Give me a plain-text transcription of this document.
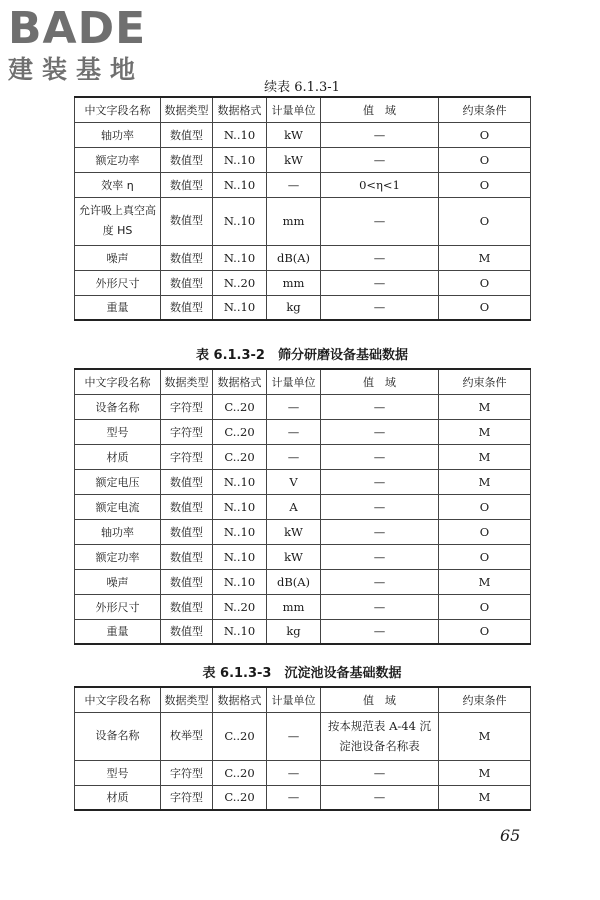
BADE
建装基地
续表 6.1.3-1
中文字段名称	数据类型	数据格式	计量单位	值　域	约束条件
轴功率	数值型	N..10	kW	—	O
额定功率	数值型	N..10	kW	—	O
效率 η	数值型	N..10	—	0<η<1	O
允许吸上真空高度 HS	数值型	N..10	mm	—	O
噪声	数值型	N..10	dB(A)	—	M
外形尺寸	数值型	N..20	mm	—	O
重量	数值型	N..10	kg	—	O
表 6.1.3-2　筛分研磨设备基础数据
中文字段名称	数据类型	数据格式	计量单位	值　域	约束条件
设备名称	字符型	C..20	—	—	M
型号	字符型	C..20	—	—	M
材质	字符型	C..20	—	—	M
额定电压	数值型	N..10	V	—	M
额定电流	数值型	N..10	A	—	O
轴功率	数值型	N..10	kW	—	O
额定功率	数值型	N..10	kW	—	O
噪声	数值型	N..10	dB(A)	—	M
外形尺寸	数值型	N..20	mm	—	O
重量	数值型	N..10	kg	—	O
表 6.1.3-3　沉淀池设备基础数据
中文字段名称	数据类型	数据格式	计量单位	值　域	约束条件
设备名称	枚举型	C..20	—	按本规范表 A-44 沉淀池设备名称表	M
型号	字符型	C..20	—	—	M
材质	字符型	C..20	—	—	M
65
